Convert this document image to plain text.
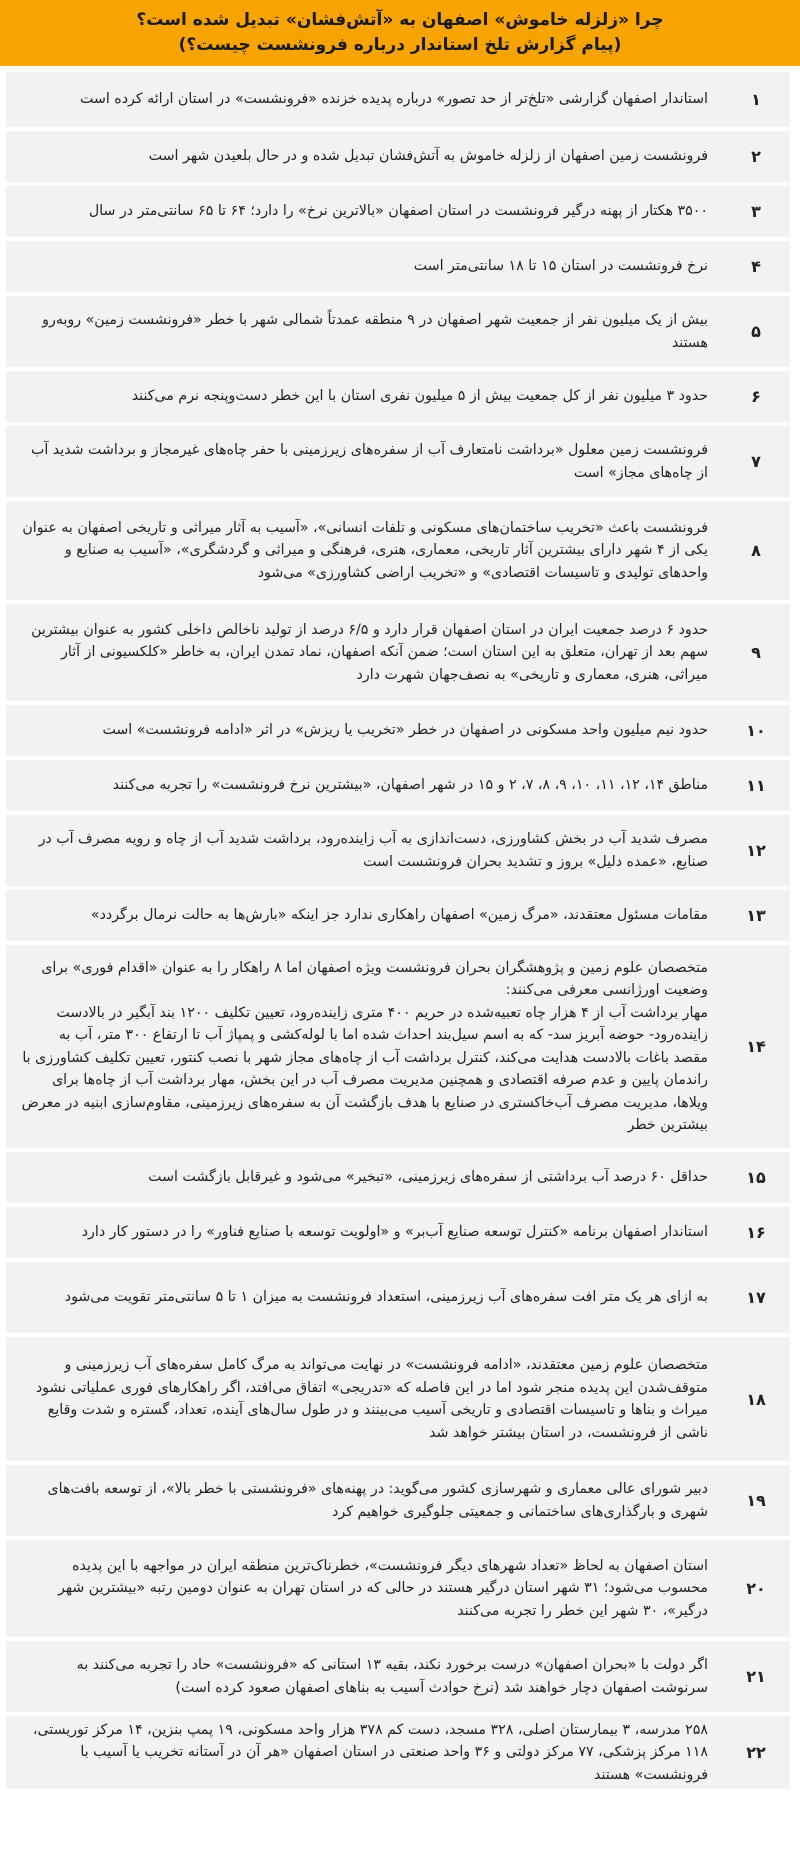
چرا «زلزله خاموش» اصفهان به «آتش‌فشان» تبدیل شده است؟
(پیام گزارش تلخ استاندار درباره فرونشست چیست؟)
۱

استاندار اصفهان گزارشی «تلخ‌تر از حد تصور» درباره پدیده خزنده «فرونشست» در استان ارائه کرده است

۲

فرونشست زمین اصفهان از زلزله خاموش به آتش‌فشان تبدیل شده و در حال بلعیدن شهر است

۳

۳۵۰۰ هکتار از پهنه درگیر فرونشست در استان اصفهان «بالاترین نرخ» را دارد؛ ۶۴ تا ۶۵ سانتی‌متر در سال

۴

نرخ فرونشست در استان ۱۵ تا ۱۸ سانتی‌متر است

۵

بیش از یک میلیون نفر از جمعیت شهر اصفهان در ۹ منطقه عمدتاً شمالی شهر با خطر «فرونشست زمین» روبه‌رو هستند

۶

حدود ۳ میلیون نفر از کل جمعیت بیش از ۵ میلیون نفری استان با این خطر دست‌وپنجه نرم می‌کنند

۷

فرونشست زمین معلول «برداشت نامتعارف آب از سفره‌های زیرزمینی با حفر چاه‌های غیرمجاز و برداشت شدید آب از چاه‌های مجاز» است

۸

فرونشست باعث «تخریب ساختمان‌های مسکونی و تلفات انسانی»، «آسیب به آثار میراثی و تاریخی اصفهان به عنوان یکی از ۴ شهر دارای بیشترین آثار تاریخی، معماری، هنری، فرهنگی و میراثی و گردشگری»، «آسیب به صنایع و واحدهای تولیدی و تاسیسات اقتصادی» و «تخریب اراضی کشاورزی» می‌شود

۹

حدود ۶ درصد جمعیت ایران در استان اصفهان قرار دارد و ۶/۵ درصد از تولید ناخالص داخلی کشور به عنوان بیشترین سهم بعد از تهران، متعلق به این استان است؛ ضمن آنکه اصفهان، نماد تمدن ایران، به خاطر «کلکسیونی از آثار میراثی، هنری، معماری و تاریخی» به نصف‌جهان شهرت دارد

۱۰

حدود نیم میلیون واحد مسکونی در اصفهان در خطر «تخریب یا ریزش» در اثر «ادامه فرونشست» است

۱۱

مناطق ۱۴، ۱۲، ۱۱، ۱۰، ۹، ۸، ۷، ۲ و ۱۵ در شهر اصفهان، «بیشترین نرخ فرونشست» را تجربه می‌کنند

۱۲

مصرف شدید آب در بخش کشاورزی، دست‌اندازی به آب زاینده‌رود، برداشت شدید آب از چاه و رویه مصرف آب در صنایع، «عمده دلیل» بروز و تشدید بحران فرونشست است

۱۳

مقامات مسئول معتقدند، «مرگ زمین» اصفهان راهکاری ندارد جز اینکه «بارش‌ها به حالت نرمال برگردد»

۱۴

متخصصان علوم زمین و پژوهشگران بحران فرونشست ویژه اصفهان اما ۸ راهکار را به عنوان «اقدام فوری» برای وضعیت اورژانسی معرفی می‌کنند:

مهار برداشت آب از ۴ هزار چاه تعبیه‌شده در حریم ۴۰۰ متری زاینده‌رود، تعیین تکلیف ۱۲۰۰ بند آبگیر در بالادست زاینده‌رود- حوضه آبریز سد- که به اسم سیل‌بند احداث شده اما با لوله‌کشی و پمپاژ آب تا ارتفاع ۳۰۰ متر، آب به مقصد باغات بالادست هدایت می‌کند، کنترل برداشت آب از چاه‌های مجاز شهر با نصب کنتور، تعیین تکلیف کشاورزی با راندمان پایین و عدم صرفه اقتصادی و همچنین مدیریت مصرف آب در این بخش، مهار برداشت آب از چاه‌ها برای ویلاها، مدیریت مصرف آب‌خاکستری در صنایع با هدف بازگشت آن به سفره‌های زیرزمینی، مقاوم‌سازی ابنیه در معرض بیشترین خطر

۱۵

حداقل ۶۰ درصد آب برداشتی از سفره‌های زیرزمینی، «تبخیر» می‌شود و غیرقابل بازگشت است

۱۶

استاندار اصفهان برنامه «کنترل توسعه صنایع آب‌بر» و «اولویت توسعه با صنایع فناور» را در دستور کار دارد

۱۷

به ازای هر یک متر افت سفره‌های آب زیرزمینی، استعداد فرونشست به میزان ۱ تا ۵ سانتی‌متر تقویت می‌شود

۱۸

متخصصان علوم زمین معتقدند، «ادامه فرونشست» در نهایت می‌تواند به مرگ کامل سفره‌های آب زیرزمینی و متوقف‌شدن این پدیده منجر شود اما در این فاصله که «تدریجی» اتفاق می‌افتد، اگر راهکارهای فوری عملیاتی نشود میراث و بناها و تاسیسات اقتصادی و تاریخی آسیب می‌بینند و در طول سال‌های آینده، تعداد، گستره و شدت وقایع ناشی از فرونشست، در استان بیشتر خواهد شد

۱۹

دبیر شورای عالی معماری و شهرسازی کشور می‌گوید: در پهنه‌های «فرونشستی با خطر بالا»، از توسعه بافت‌های شهری و بارگذاری‌های ساختمانی و جمعیتی جلوگیری خواهیم کرد

۲۰

استان اصفهان به لحاظ «تعداد شهرهای دیگر فرونشست»، خطرناک‌ترین منطقه ایران در مواجهه با این پدیده محسوب می‌شود؛ ۳۱ شهر استان درگیر هستند در حالی که در استان تهران به عنوان دومین رتبه «بیشترین شهر درگیر»، ۳۰ شهر این خطر را تجربه می‌کنند

۲۱

اگر دولت با «بحران اصفهان» درست برخورد نکند، بقیه ۱۳ استانی که «فرونشست» حاد را تجربه می‌کنند به سرنوشت اصفهان دچار خواهند شد (نرخ حوادث آسیب به بناهای اصفهان صعود کرده است)

۲۲

۲۵۸ مدرسه، ۳ بیمارستان اصلی، ۳۲۸ مسجد، دست کم ۳۷۸ هزار واحد مسکونی، ۱۹ پمپ بنزین، ۱۴ مرکز توریستی، ۱۱۸ مرکز پزشکی، ۷۷ مرکز دولتی و ۳۶ واحد صنعتی در استان اصفهان «هر آن در آستانه تخریب یا آسیب با فرونشست» هستند
